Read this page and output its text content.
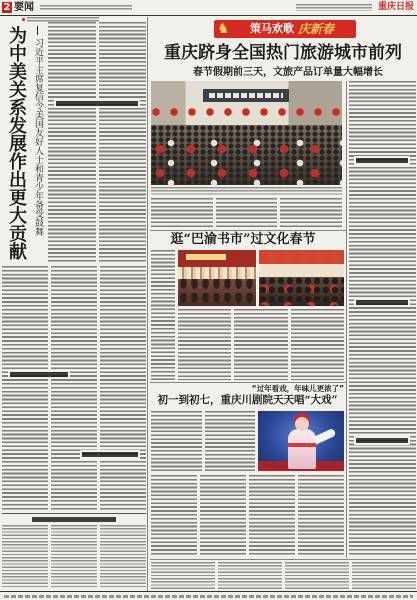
2 要闻	重庆日报
为中美关系发展作出更大贡献 习近平主席复信令美国友好人士和青少年备受鼓舞
♞ 策马欢歌 庆新春
重庆跻身全国热门旅游城市前列
春节假期前三天，文旅产品订单量大幅增长
逛“巴渝书市”过文化春节
“过年看戏，年味儿更浓了”
初一到初七，重庆川剧院天天唱“大戏”
